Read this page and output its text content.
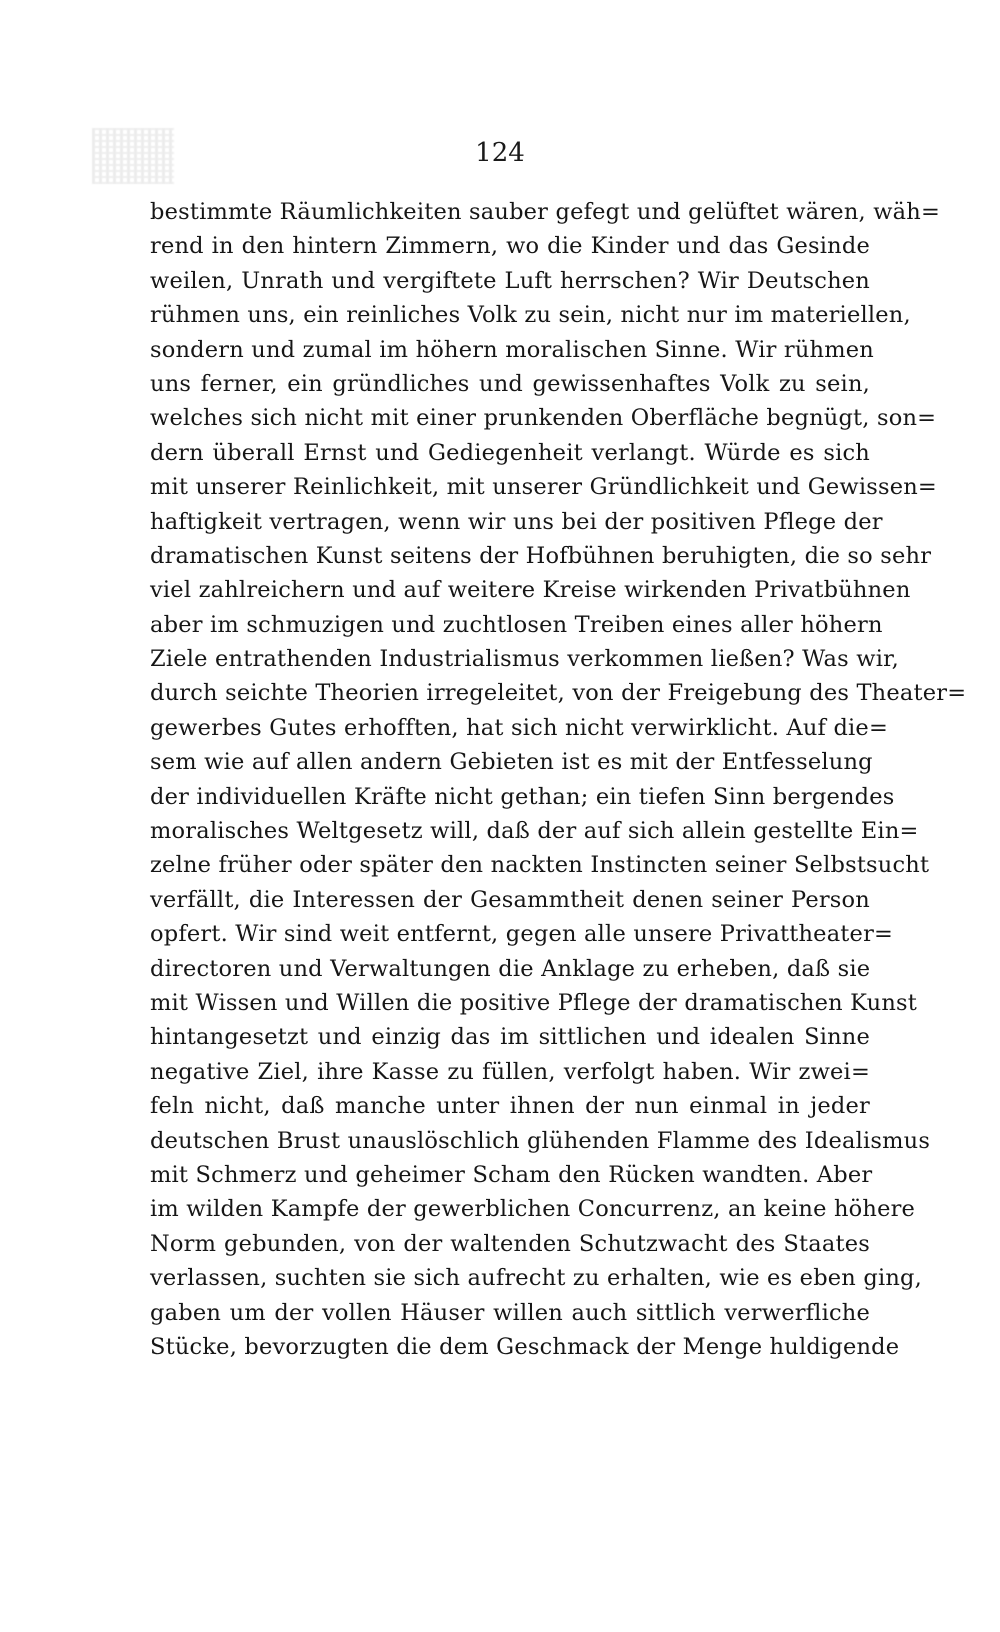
124
bestimmte Räumlichkeiten sauber gefegt und gelüftet wären, wäh=
rend in den hintern Zimmern, wo die Kinder und das Gesinde
weilen, Unrath und vergiftete Luft herrschen? Wir Deutschen
rühmen uns, ein reinliches Volk zu sein, nicht nur im materiellen,
sondern und zumal im höhern moralischen Sinne. Wir rühmen
uns ferner, ein gründliches und gewissenhaftes Volk zu sein,
welches sich nicht mit einer prunkenden Oberfläche begnügt, son=
dern überall Ernst und Gediegenheit verlangt. Würde es sich
mit unserer Reinlichkeit, mit unserer Gründlichkeit und Gewissen=
haftigkeit vertragen, wenn wir uns bei der positiven Pflege der
dramatischen Kunst seitens der Hofbühnen beruhigten, die so sehr
viel zahlreichern und auf weitere Kreise wirkenden Privatbühnen
aber im schmuzigen und zuchtlosen Treiben eines aller höhern
Ziele entrathenden Industrialismus verkommen ließen? Was wir,
durch seichte Theorien irregeleitet, von der Freigebung des Theater=
gewerbes Gutes erhofften, hat sich nicht verwirklicht. Auf die=
sem wie auf allen andern Gebieten ist es mit der Entfesselung
der individuellen Kräfte nicht gethan; ein tiefen Sinn bergendes
moralisches Weltgesetz will, daß der auf sich allein gestellte Ein=
zelne früher oder später den nackten Instincten seiner Selbstsucht
verfällt, die Interessen der Gesammtheit denen seiner Person
opfert. Wir sind weit entfernt, gegen alle unsere Privattheater=
directoren und Verwaltungen die Anklage zu erheben, daß sie
mit Wissen und Willen die positive Pflege der dramatischen Kunst
hintangesetzt und einzig das im sittlichen und idealen Sinne
negative Ziel, ihre Kasse zu füllen, verfolgt haben. Wir zwei=
feln nicht, daß manche unter ihnen der nun einmal in jeder
deutschen Brust unauslöschlich glühenden Flamme des Idealismus
mit Schmerz und geheimer Scham den Rücken wandten. Aber
im wilden Kampfe der gewerblichen Concurrenz, an keine höhere
Norm gebunden, von der waltenden Schutzwacht des Staates
verlassen, suchten sie sich aufrecht zu erhalten, wie es eben ging,
gaben um der vollen Häuser willen auch sittlich verwerfliche
Stücke, bevorzugten die dem Geschmack der Menge huldigende
